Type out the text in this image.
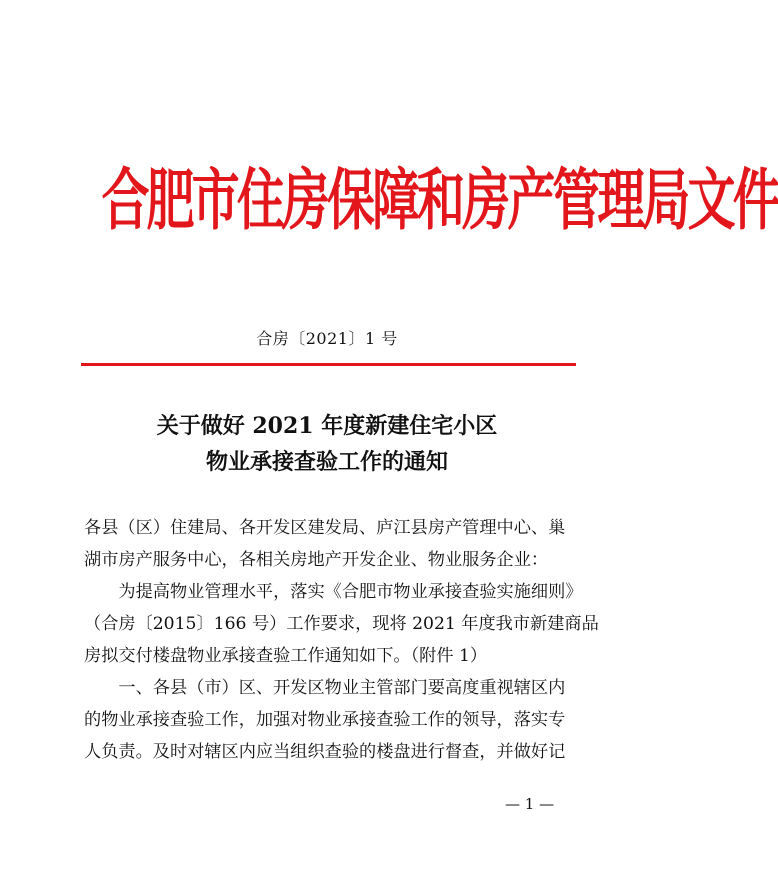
合肥市住房保障和房产管理局文件
合房〔2021〕1 号
关于做好 2021 年度新建住宅小区
物业承接查验工作的通知
各县（区）住建局、各开发区建发局、庐江县房产管理中心、巢
湖市房产服务中心，各相关房地产开发企业、物业服务企业：
　　为提高物业管理水平，落实《合肥市物业承接查验实施细则》
（合房〔2015〕166 号）工作要求，现将 2021 年度我市新建商品
房拟交付楼盘物业承接查验工作通知如下。（附件 1）
　　一、各县（市）区、开发区物业主管部门要高度重视辖区内
的物业承接查验工作，加强对物业承接查验工作的领导，落实专
人负责。及时对辖区内应当组织查验的楼盘进行督查，并做好记
— 1 —
